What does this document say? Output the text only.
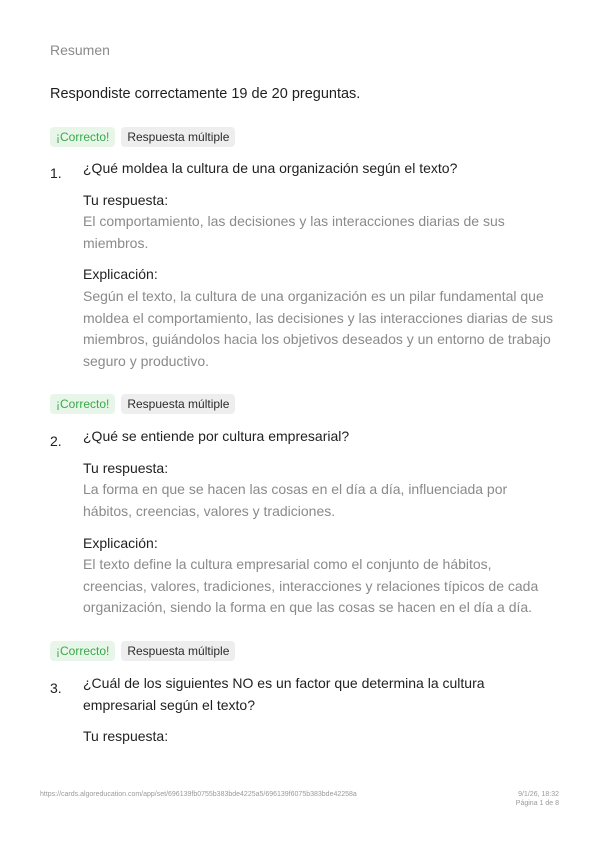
Resumen
Respondiste correctamente 19 de 20 preguntas.
¡Correcto!	Respuesta múltiple
1. ¿Qué moldea la cultura de una organización según el texto?
Tu respuesta:
El comportamiento, las decisiones y las interacciones diarias de sus miembros.
Explicación:
Según el texto, la cultura de una organización es un pilar fundamental que moldea el comportamiento, las decisiones y las interacciones diarias de sus miembros, guiándolos hacia los objetivos deseados y un entorno de trabajo seguro y productivo.
¡Correcto!	Respuesta múltiple
2. ¿Qué se entiende por cultura empresarial?
Tu respuesta:
La forma en que se hacen las cosas en el día a día, influenciada por hábitos, creencias, valores y tradiciones.
Explicación:
El texto define la cultura empresarial como el conjunto de hábitos, creencias, valores, tradiciones, interacciones y relaciones típicos de cada organización, siendo la forma en que las cosas se hacen en el día a día.
¡Correcto!	Respuesta múltiple
3. ¿Cuál de los siguientes NO es un factor que determina la cultura empresarial según el texto?
Tu respuesta:
https://cards.algoreducation.com/app/set/696139fb0755b383bde4225a5/696139f6075b383bde42258a	9/1/26, 18:32
Página 1 de 8
